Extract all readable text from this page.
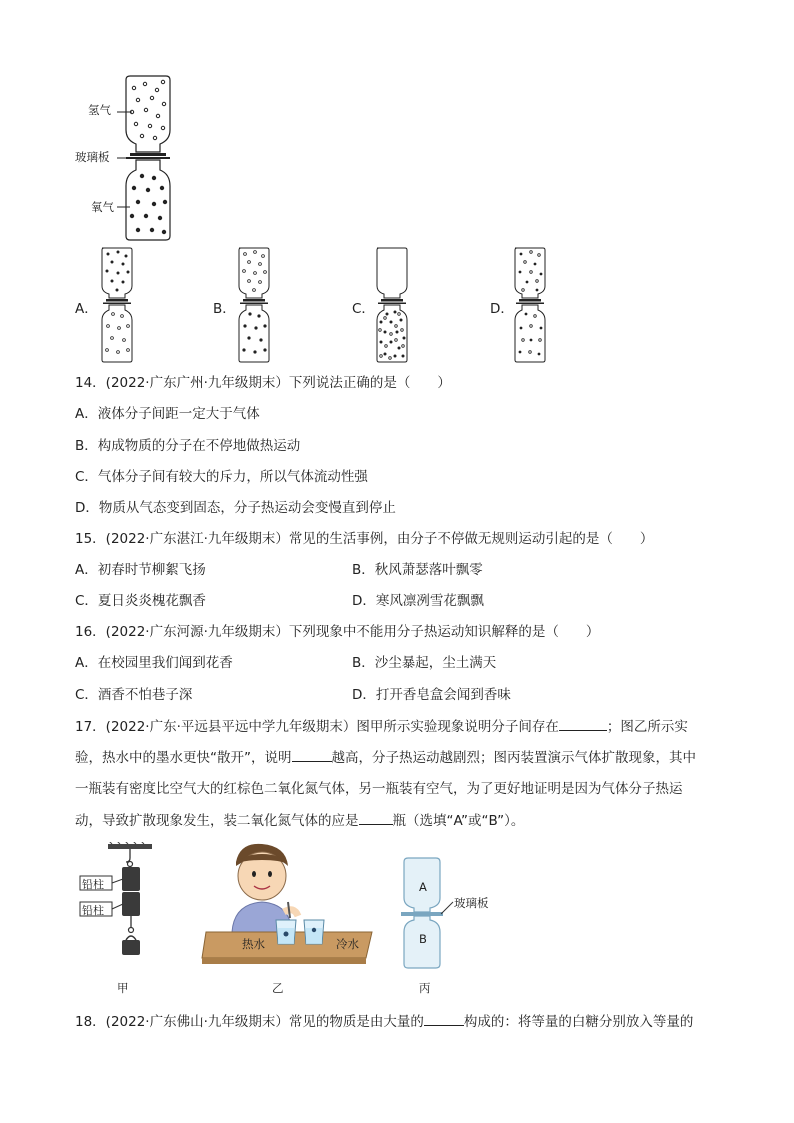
氢气
玻璃板
氧气
A．	B．	C．	D．
14．(2022·广东广州·九年级期末）下列说法正确的是（　　）
A．液体分子间距一定大于气体
B．构成物质的分子在不停地做热运动
C．气体分子间有较大的斥力，所以气体流动性强
D．物质从气态变到固态，分子热运动会变慢直到停止
15．(2022·广东湛江·九年级期末）常见的生活事例，由分子不停做无规则运动引起的是（　　）
A．初春时节柳絮飞扬	B．秋风萧瑟落叶飘零
C．夏日炎炎槐花飘香	D．寒风凛冽雪花飘飘
16．(2022·广东河源·九年级期末）下列现象中不能用分子热运动知识解释的是（　　）
A．在校园里我们闻到花香	B．沙尘暴起，尘土满天
C．酒香不怕巷子深	D．打开香皂盒会闻到香味
17．(2022·广东·平远县平远中学九年级期末）图甲所示实验现象说明分子间存在	；图乙所示实
验，热水中的墨水更快“散开”，说明	越高，分子热运动越剧烈；图丙装置演示气体扩散现象，其中
一瓶装有密度比空气大的红棕色二氧化氮气体，另一瓶装有空气，为了更好地证明是因为气体分子热运
动，导致扩散现象发生，装二氧化氮气体的应是	瓶（选填“A”或“B”）。
铅柱
铅柱
甲
热水	冷水
乙
A
B
玻璃板
丙
18．(2022·广东佛山·九年级期末）常见的物质是由大量的	构成的：将等量的白糖分别放入等量的
